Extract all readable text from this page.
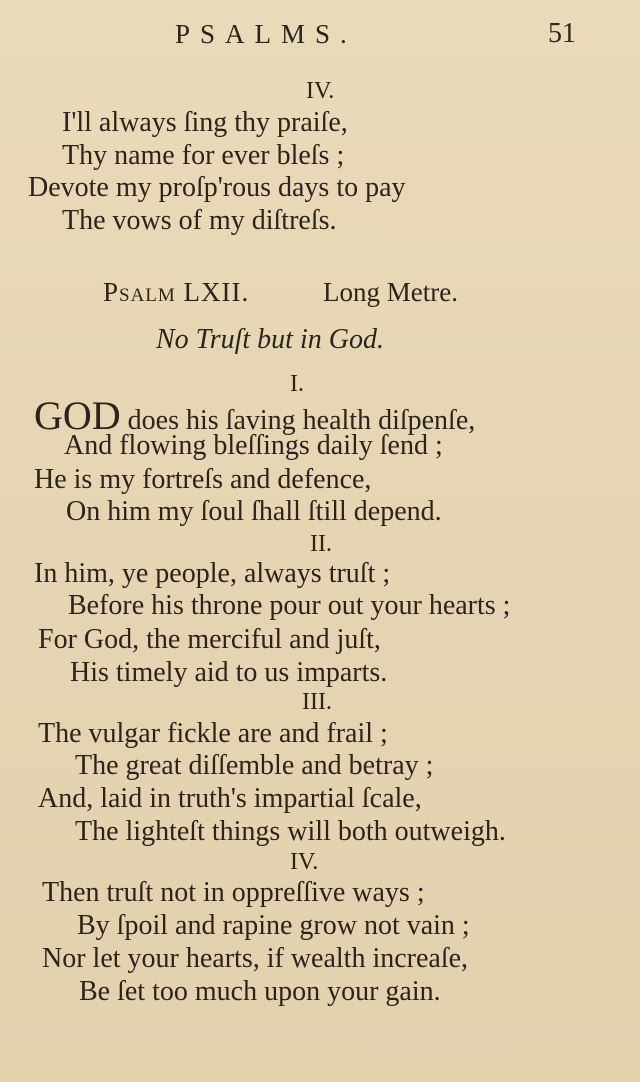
PSALMS.	51
IV.
I'll always ſing thy praiſe,
Thy name for ever bleſs ;
Devote my proſp'rous days to pay
The vows of my diſtreſs.
Psalm LXII.	Long Metre.
No Truſt but in God.
I.
GOD does his ſaving health diſpenſe,
And flowing bleſſings daily ſend ;
He is my fortreſs and defence,
On him my ſoul ſhall ſtill depend.
II.
In him, ye people, always truſt ;
Before his throne pour out your hearts ;
For God, the merciful and juſt,
His timely aid to us imparts.
III.
The vulgar fickle are and frail ;
The great diſſemble and betray ;
And, laid in truth's impartial ſcale,
The lighteſt things will both outweigh.
IV.
Then truſt not in oppreſſive ways ;
By ſpoil and rapine grow not vain ;
Nor let your hearts, if wealth increaſe,
Be ſet too much upon your gain.
